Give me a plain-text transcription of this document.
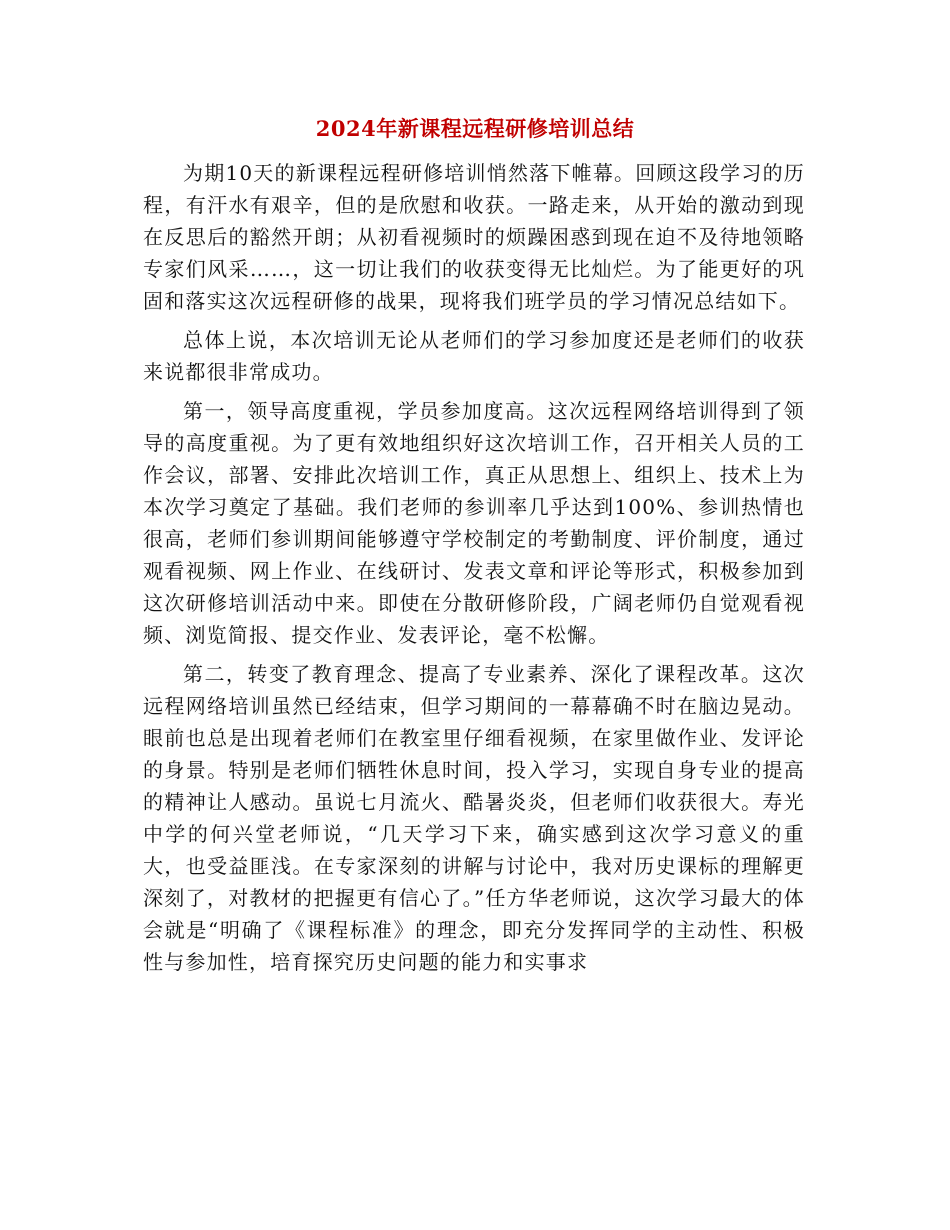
2024年新课程远程研修培训总结

为期10天的新课程远程研修培训悄然落下帷幕。回顾这段学习的历程，有汗水有艰辛，但的是欣慰和收获。一路走来，从开始的激动到现在反思后的豁然开朗；从初看视频时的烦躁困惑到现在迫不及待地领略专家们风采……，这一切让我们的收获变得无比灿烂。为了能更好的巩固和落实这次远程研修的战果，现将我们班学员的学习情况总结如下。

总体上说，本次培训无论从老师们的学习参加度还是老师们的收获来说都很非常成功。

第一，领导高度重视，学员参加度高。这次远程网络培训得到了领导的高度重视。为了更有效地组织好这次培训工作，召开相关人员的工作会议，部署、安排此次培训工作，真正从思想上、组织上、技术上为本次学习奠定了基础。我们老师的参训率几乎达到100%、参训热情也很高，老师们参训期间能够遵守学校制定的考勤制度、评价制度，通过观看视频、网上作业、在线研讨、发表文章和评论等形式，积极参加到这次研修培训活动中来。即使在分散研修阶段，广阔老师仍自觉观看视频、浏览简报、提交作业、发表评论，毫不松懈。

第二，转变了教育理念、提高了专业素养、深化了课程改革。这次远程网络培训虽然已经结束，但学习期间的一幕幕确不时在脑边晃动。眼前也总是出现着老师们在教室里仔细看视频，在家里做作业、发评论的身景。特别是老师们牺牲休息时间，投入学习，实现自身专业的提高的精神让人感动。虽说七月流火、酷暑炎炎，但老师们收获很大。寿光中学的何兴堂老师说，“几天学习下来，确实感到这次学习意义的重大，也受益匪浅。在专家深刻的讲解与讨论中，我对历史课标的理解更深刻了，对教材的把握更有信心了。”任方华老师说，这次学习最大的体会就是“明确了《课程标准》的理念，即充分发挥同学的主动性、积极性与参加性，培育探究历史问题的能力和实事求
